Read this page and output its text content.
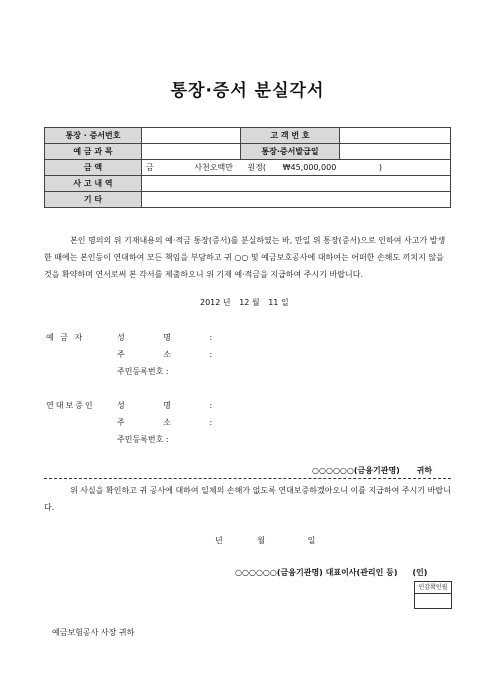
통장·증서 분실각서
통장 · 증서번호		고 객 번 호	
예 금 과 목		통장·증서발급일	
금 액	금 사천오백만 원정( ₩45,000,000 )		
사 고 내 역			
기 타			
본인 명의의 위 기재내용의 예·적금 통장(증서)를 분실하였는 바, 만일 위 통장(증서)으로 인하여 사고가 발생한 때에는 본인등이 연대하여 모든 책임을 부담하고 귀 ○○ 및 예금보호공사에 대하여는 어떠한 손해도 끼치지 않을 것을 확약하며 연서로써 본 각서를 제출하오니 위 기재 예·적금을 지급하여 주시기 바랍니다.
2012 년 12 월 11 일
예 금 자	성 명 :
주 소 :
주민등록번호 :
연대보증인	성 명 :
주 소 :
주민등록번호 :
○○○○○○(금융기관명) 귀하
위 사실을 확인하고 귀 공사에 대하여 일체의 손해가 없도록 연대보증하겠아오니 이를 지급하여 주시기 바랍니다.
년	월	일
○○○○○○(금융기관명) 대표이사(관리인 등) (인)
인감확인필
예금보험공사 사장 귀하
